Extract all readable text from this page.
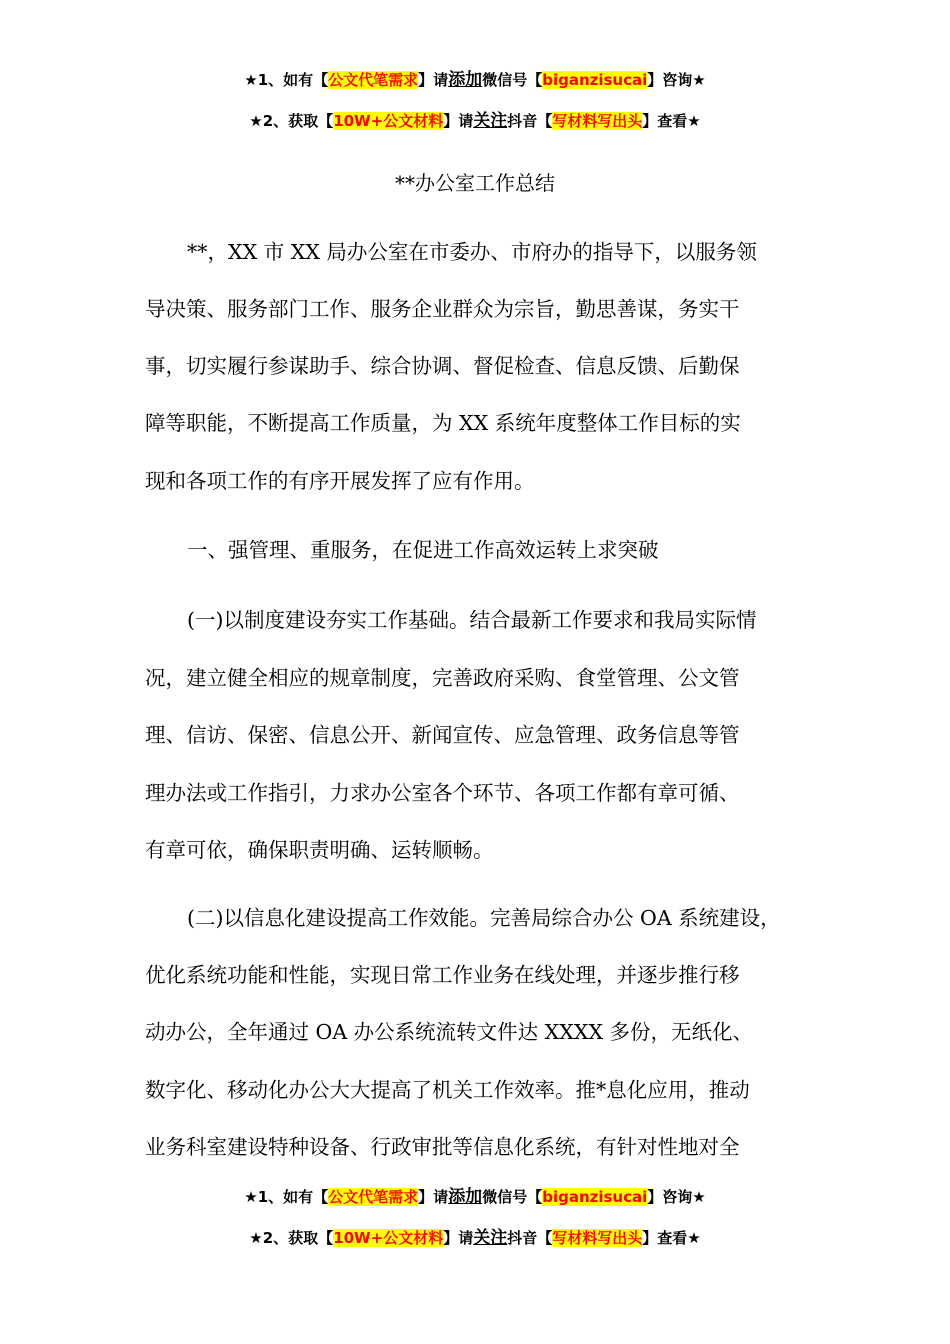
★1、如有【公文代笔需求】请添加微信号【biganzisucai】咨询★
★2、获取【10W+公文材料】请关注抖音【写材料写出头】查看★
**办公室工作总结
**，XX 市 XX 局办公室在市委办、市府办的指导下，以服务领
导决策、服务部门工作、服务企业群众为宗旨，勤思善谋，务实干
事，切实履行参谋助手、综合协调、督促检查、信息反馈、后勤保
障等职能，不断提高工作质量，为 XX 系统年度整体工作目标的实
现和各项工作的有序开展发挥了应有作用。
一、强管理、重服务，在促进工作高效运转上求突破
(一)以制度建设夯实工作基础。结合最新工作要求和我局实际情
况，建立健全相应的规章制度，完善政府采购、食堂管理、公文管
理、信访、保密、信息公开、新闻宣传、应急管理、政务信息等管
理办法或工作指引，力求办公室各个环节、各项工作都有章可循、
有章可依，确保职责明确、运转顺畅。
(二)以信息化建设提高工作效能。完善局综合办公 OA 系统建设，
优化系统功能和性能，实现日常工作业务在线处理，并逐步推行移
动办公，全年通过 OA 办公系统流转文件达 XXXX 多份，无纸化、
数字化、移动化办公大大提高了机关工作效率。推*息化应用，推动
业务科室建设特种设备、行政审批等信息化系统，有针对性地对全
★1、如有【公文代笔需求】请添加微信号【biganzisucai】咨询★
★2、获取【10W+公文材料】请关注抖音【写材料写出头】查看★
